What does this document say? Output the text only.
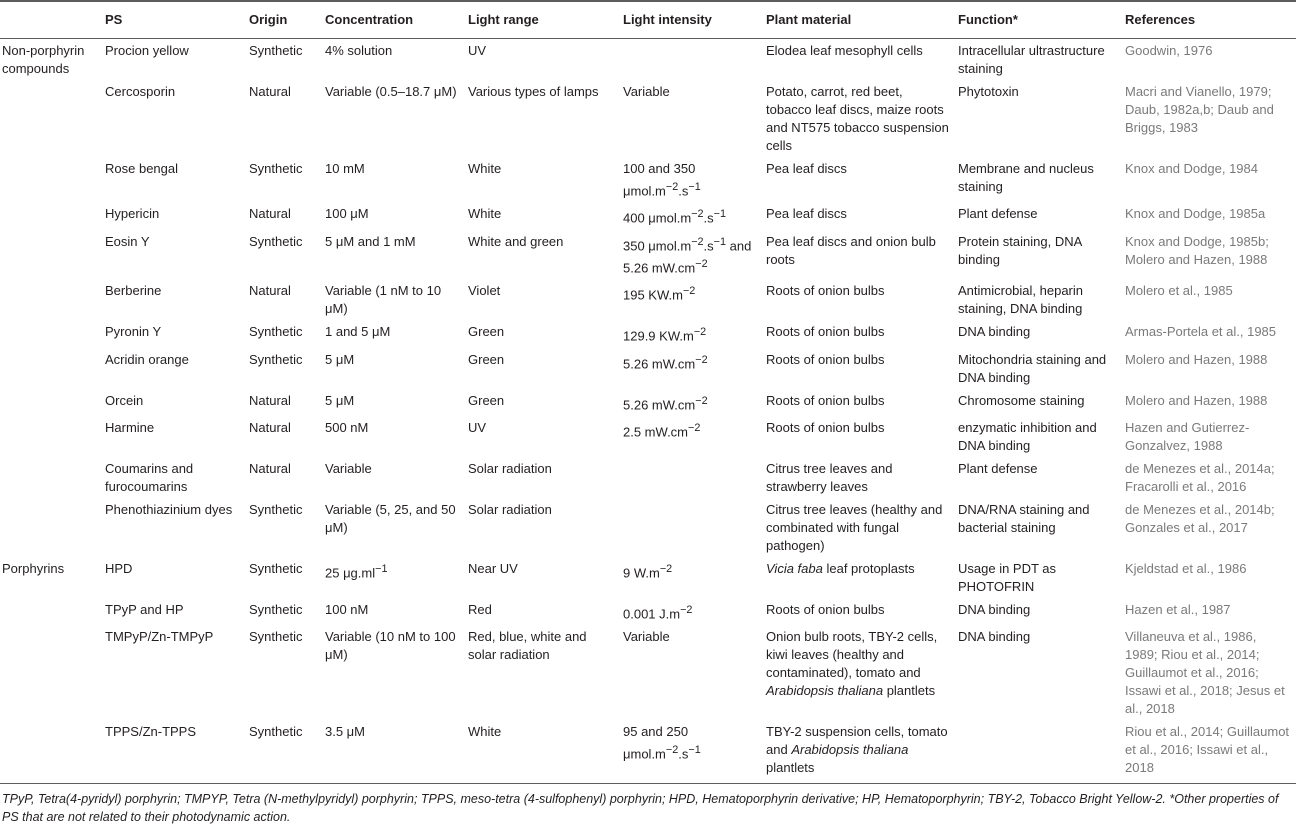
	PS	Origin	Concentration	Light range	Light intensity	Plant material	Function*	References
Non-porphyrin compounds	Procion yellow	Synthetic	4% solution	UV		Elodea leaf mesophyll cells	Intracellular ultrastructure staining	Goodwin, 1976
	Cercosporin	Natural	Variable (0.5–18.7 μM)	Various types of lamps	Variable	Potato, carrot, red beet, tobacco leaf discs, maize roots and NT575 tobacco suspension cells	Phytotoxin	Macri and Vianello, 1979; Daub, 1982a,b; Daub and Briggs, 1983
	Rose bengal	Synthetic	10 mM	White	100 and 350 $\mu mol.m^{-2}.s^{-1}$	Pea leaf discs	Membrane and nucleus staining	Knox and Dodge, 1984
	Hypericin	Natural	100 μM	White	400 $\mu mol.m^{-2}.s^{-1}$	Pea leaf discs	Plant defense	Knox and Dodge, 1985a
	Eosin Y	Synthetic	5 μM and 1 mM	White and green	350 $\mu mol.m^{-2}.s^{-1}$ and 5.26 $mW.cm^{-2}$	Pea leaf discs and onion bulb roots	Protein staining, DNA binding	Knox and Dodge, 1985b; Molero and Hazen, 1988
	Berberine	Natural	Variable (1 nM to 10 μM)	Violet	195 $KW.m^{-2}$	Roots of onion bulbs	Antimicrobial, heparin staining, DNA binding	Molero et al., 1985
	Pyronin Y	Synthetic	1 and 5 μM	Green	129.9 $KW.m^{-2}$	Roots of onion bulbs	DNA binding	Armas-Portela et al., 1985
	Acridin orange	Synthetic	5 μM	Green	5.26 $mW.cm^{-2}$	Roots of onion bulbs	Mitochondria staining and DNA binding	Molero and Hazen, 1988
	Orcein	Natural	5 μM	Green	5.26 $mW.cm^{-2}$	Roots of onion bulbs	Chromosome staining	Molero and Hazen, 1988
	Harmine	Natural	500 nM	UV	2.5 $mW.cm^{-2}$	Roots of onion bulbs	enzymatic inhibition and DNA binding	Hazen and Gutierrez-Gonzalvez, 1988
	Coumarins and furocoumarins	Natural	Variable	Solar radiation		Citrus tree leaves and strawberry leaves	Plant defense	de Menezes et al., 2014a; Fracarolli et al., 2016
	Phenothiazinium dyes	Synthetic	Variable (5, 25, and 50 μM)	Solar radiation		Citrus tree leaves (healthy and combinated with fungal pathogen)	DNA/RNA staining and bacterial staining	de Menezes et al., 2014b; Gonzales et al., 2017
Porphyrins	HPD	Synthetic	25 $\mu g.ml^{-1}$	Near UV	9 $W.m^{-2}$	Vicia faba leaf protoplasts	Usage in PDT as PHOTOFRIN	Kjeldstad et al., 1986
	TPyP and HP	Synthetic	100 nM	Red	0.001 $J.m^{-2}$	Roots of onion bulbs	DNA binding	Hazen et al., 1987
	TMPyP/Zn-TMPyP	Synthetic	Variable (10 nM to 100 μM)	Red, blue, white and solar radiation	Variable	Onion bulb roots, TBY-2 cells, kiwi leaves (healthy and contaminated), tomato and Arabidopsis thaliana plantlets	DNA binding	Villaneuva et al., 1986, 1989; Riou et al., 2014; Guillaumot et al., 2016; Issawi et al., 2018; Jesus et al., 2018
	TPPS/Zn-TPPS	Synthetic	3.5 μM	White	95 and 250 $\mu mol.m^{-2}.s^{-1}$	TBY-2 suspension cells, tomato and Arabidopsis thaliana plantlets		Riou et al., 2014; Guillaumot et al., 2016; Issawi et al., 2018
TPyP, Tetra(4-pyridyl) porphyrin; TMPYP, Tetra (N-methylpyridyl) porphyrin; TPPS, meso-tetra (4-sulfophenyl) porphyrin; HPD, Hematoporphyrin derivative; HP, Hematoporphyrin; TBY-2, Tobacco Bright Yellow-2. *Other properties of PS that are not related to their photodynamic action.
